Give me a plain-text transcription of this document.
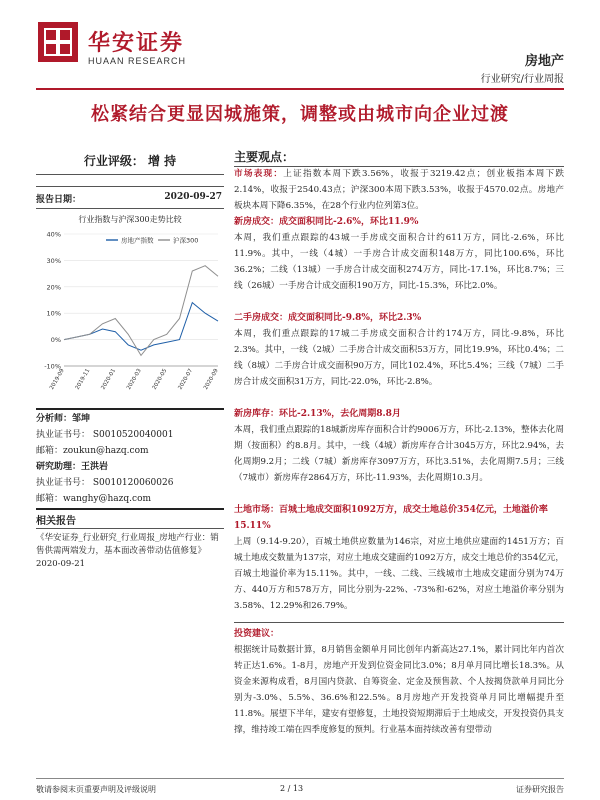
华安证券
HUAAN RESEARCH	房地产
行业研究/行业周报
松紧结合更显因城施策，调整或由城市向企业过渡
行业评级： 增 持
报告日期：	2020-09-27
行业指数与沪深300走势比较
40%
30%
20%
10%
0%
-10%
2019-09 2019-11 2020-01 2020-03 2020-05 2020-07 2020-09
房地产指数	沪深300
分析师：邹坤
执业证书号： S0010520040001
邮箱：zoukun@hazq.com
研究助理：王洪岩
执业证书号： S0010120060026
邮箱：wanghy@hazq.com
相关报告
《华安证券_行业研究_行业周报_房地产行业：销售供需两端发力，基本面改善带动估值修复》2020-09-21
主要观点：
市场表现：上证指数本周下跌3.56%，收报于3219.42点；创业板指本周下跌2.14%，收报于2540.43点；沪深300本周下跌3.53%，收报于4570.02点。房地产板块本周下降6.35%，在28个行业内位列第3位。
新房成交：成交面积同比-2.6%，环比11.9%
本周，我们重点跟踪的43城一手房成交面积合计约611万方，同比-2.6%，环比11.9%。其中，一线（4城）一手房合计成交面积148万方，同比100.6%，环比36.2%；二线（13城）一手房合计成交面积274万方，同比-17.1%，环比8.7%；三线（26城）一手房合计成交面积190万方，同比-15.3%，环比2.0%。
二手房成交：成交面积同比-9.8%，环比2.3%
本周，我们重点跟踪的17城二手房成交面积合计约174万方，同比-9.8%，环比2.3%。其中，一线（2城）二手房合计成交面积53万方，同比19.9%，环比0.4%；二线（8城）二手房合计成交面积90万方，同比102.4%，环比5.4%；三线（7城）二手房合计成交面积31万方，同比-22.0%，环比-2.8%。
新房库存：环比-2.13%，去化周期8.8月
本周，我们重点跟踪的18城新房库存面积合计约9006万方，环比-2.13%，整体去化周期（按面积）约8.8月。其中，一线（4城）新房库存合计3045万方，环比2.94%，去化周期9.2月；二线（7城）新房库存3097万方，环比3.51%，去化周期7.5月；三线（7城市）新房库存2864万方，环比-11.93%，去化周期10.3月。
土地市场：百城土地成交面积1092万方，成交土地总价354亿元，土地溢价率15.11%
上周（9.14-9.20），百城土地供应数量为146宗，对应土地供应建面约1451万方；百城土地成交数量为137宗，对应土地成交建面约1092万方，成交土地总价约354亿元，百城土地溢价率为15.11%。其中，一线、二线、三线城市土地成交建面分别为74万方、440万方和578万方，同比分别为-22%、-73%和-62%，对应土地溢价率分别为3.58%、12.29%和26.79%。
投资建议：
根据统计局数据计算，8月销售金额单月同比创年内新高达27.1%，累计同比年内首次转正达1.6%。1-8月，房地产开发到位资金同比3.0%；8月单月同比增长18.3%。从资金来源构成看，8月国内贷款、自筹资金、定金及预售款、个人按揭贷款单月同比分别为-3.0%、5.5%、36.6%和22.5%。8月房地产开发投资单月同比增幅提升至11.8%。展望下半年，建安有望修复，土地投资短期滞后于土地成交，开发投资仍具支撑，维持竣工端在四季度修复的预判。行业基本面持续改善有望带动
敬请参阅末页重要声明及评级说明	2 / 13	证券研究报告
